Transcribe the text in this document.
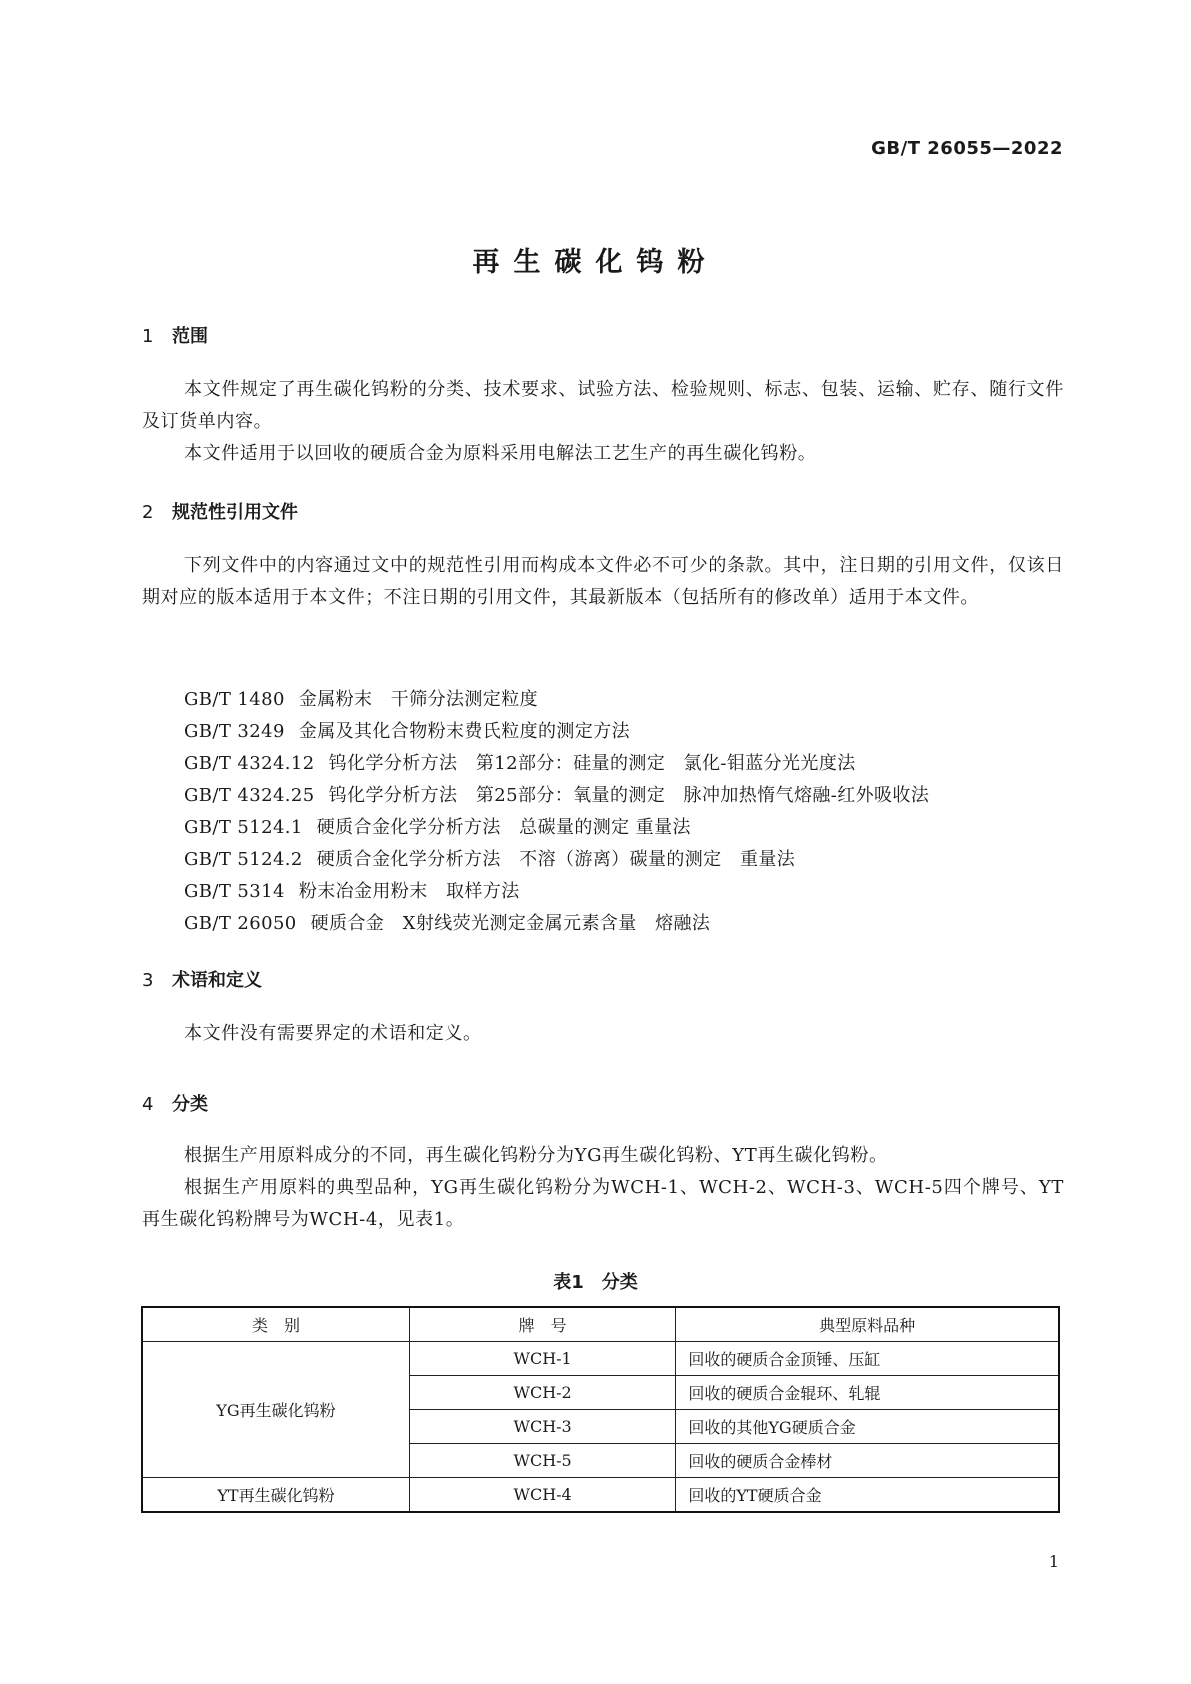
GB/T 26055—2022
再生碳化钨粉
1 范围
本文件规定了再生碳化钨粉的分类、技术要求、试验方法、检验规则、标志、包装、运输、贮存、随行文件及订货单内容。
本文件适用于以回收的硬质合金为原料采用电解法工艺生产的再生碳化钨粉。
2 规范性引用文件
下列文件中的内容通过文中的规范性引用而构成本文件必不可少的条款。其中，注日期的引用文件，仅该日期对应的版本适用于本文件；不注日期的引用文件，其最新版本（包括所有的修改单）适用于本文件。
GB/T 1480 金属粉末　干筛分法测定粒度
GB/T 3249 金属及其化合物粉末费氏粒度的测定方法
GB/T 4324.12 钨化学分析方法　第12部分：硅量的测定　氯化-钼蓝分光光度法
GB/T 4324.25 钨化学分析方法　第25部分：氧量的测定　脉冲加热惰气熔融-红外吸收法
GB/T 5124.1 硬质合金化学分析方法　总碳量的测定 重量法
GB/T 5124.2 硬质合金化学分析方法　不溶（游离）碳量的测定　重量法
GB/T 5314 粉末冶金用粉末　取样方法
GB/T 26050 硬质合金　X射线荧光测定金属元素含量　熔融法
3 术语和定义
本文件没有需要界定的术语和定义。
4 分类
根据生产用原料成分的不同，再生碳化钨粉分为YG再生碳化钨粉、YT再生碳化钨粉。
根据生产用原料的典型品种，YG再生碳化钨粉分为WCH-1、WCH-2、WCH-3、WCH-5四个牌号、YT再生碳化钨粉牌号为WCH-4，见表1。
表1　分类
类　别	牌　号	典型原料品种
YG再生碳化钨粉	WCH-1	回收的硬质合金顶锤、压缸
	WCH-2	回收的硬质合金辊环、轧辊
	WCH-3	回收的其他YG硬质合金
	WCH-5	回收的硬质合金棒材
YT再生碳化钨粉	WCH-4	回收的YT硬质合金
1
